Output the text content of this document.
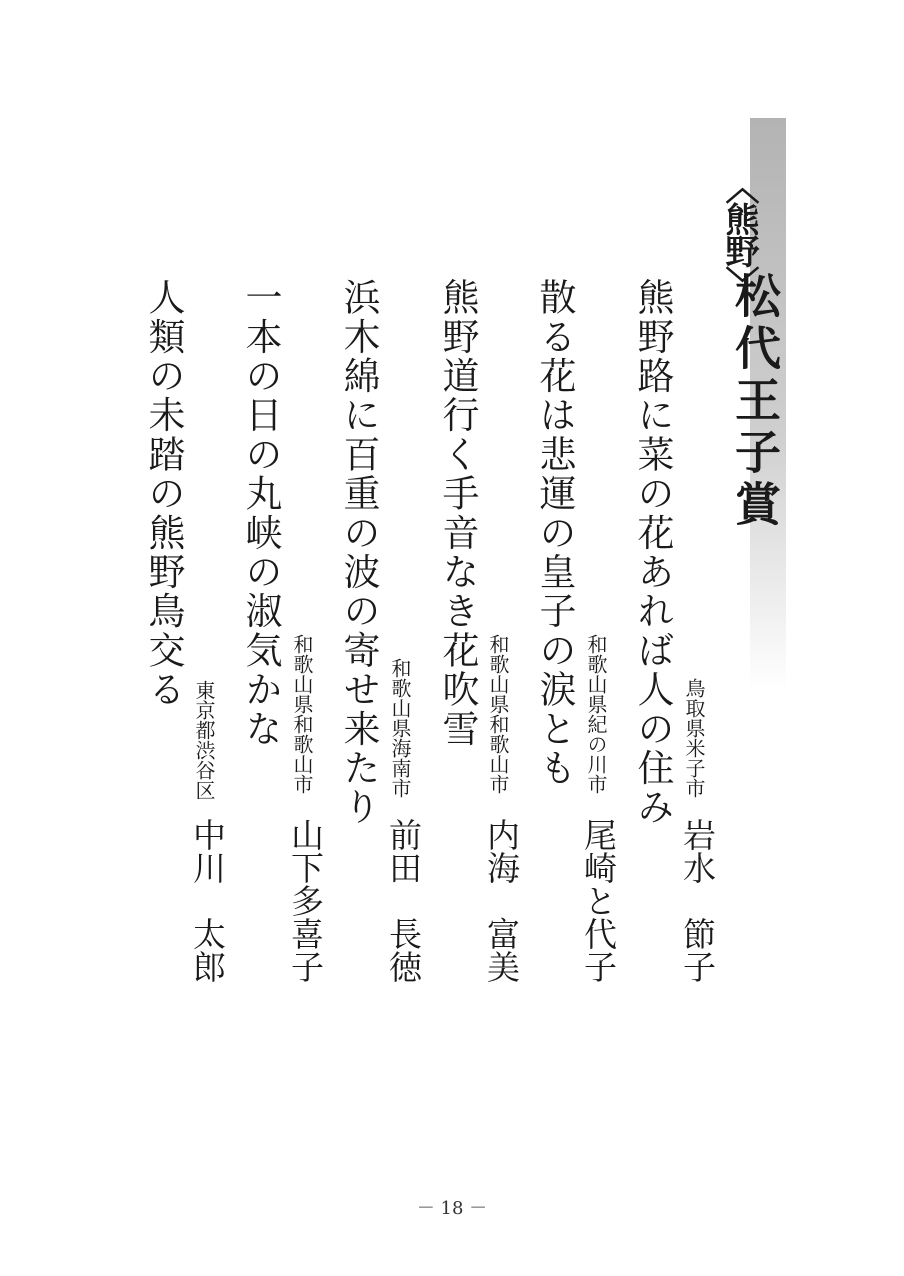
〈熊野〉
松代王子賞
熊野路に菜の花あれば人の住み 鳥取県米子市
岩水　節子
散る花は悲運の皇子の涙とも 和歌山県紀の川市
尾崎と代子
熊野道行く手音なき花吹雪 和歌山県和歌山市
内海　富美
浜木綿に百重の波の寄せ来たり 和歌山県海南市
前田　長徳
一本の日の丸峡の淑気かな 和歌山県和歌山市
山下多喜子
人類の未踏の熊野鳥交る
東京都渋谷区
中川　太郎
－ 18 －
